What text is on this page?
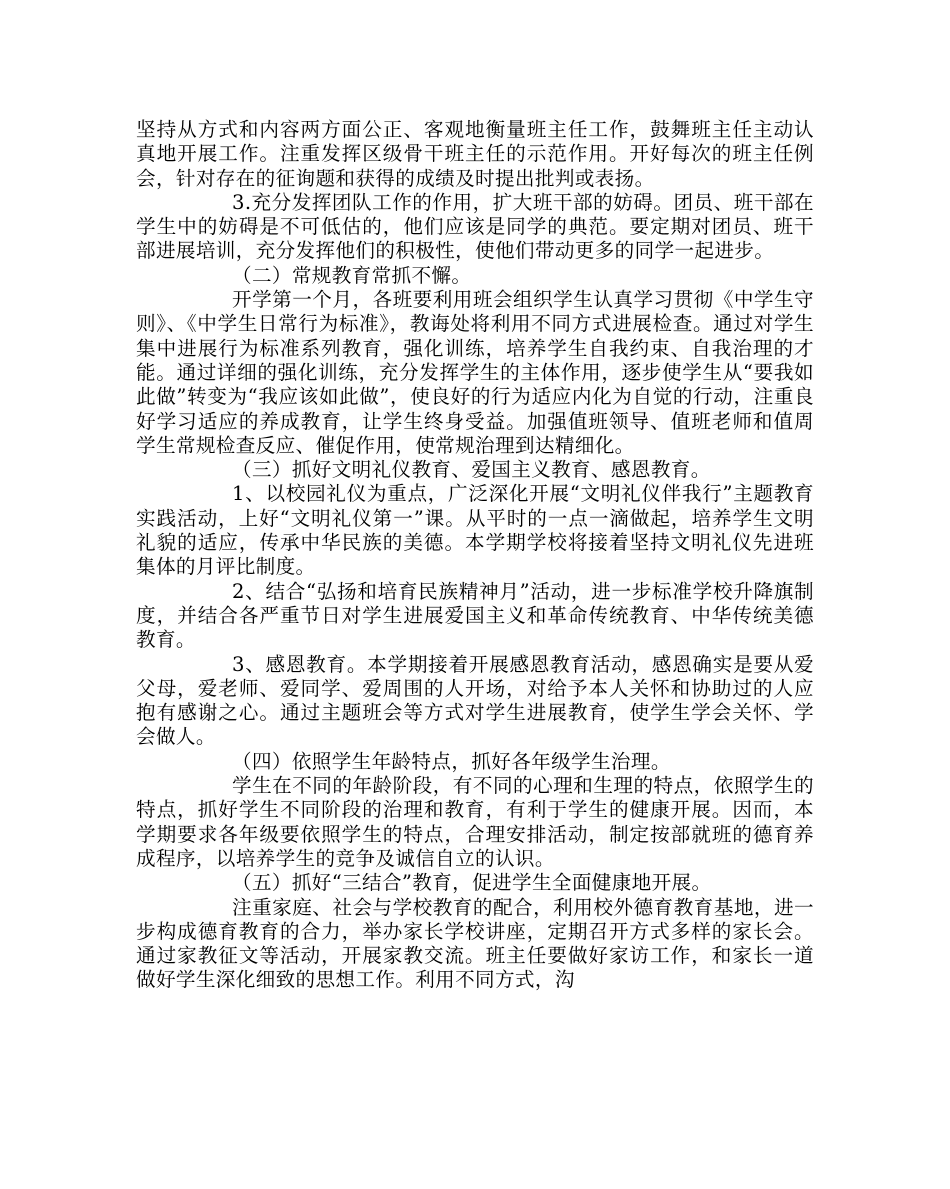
坚持从方式和内容两方面公正、客观地衡量班主任工作，鼓舞班主任主动认真地开展工作。注重发挥区级骨干班主任的示范作用。开好每次的班主任例会，针对存在的征询题和获得的成绩及时提出批判或表扬。

3.充分发挥团队工作的作用，扩大班干部的妨碍。团员、班干部在学生中的妨碍是不可低估的，他们应该是同学的典范。要定期对团员、班干部进展培训，充分发挥他们的积极性，使他们带动更多的同学一起进步。

（二）常规教育常抓不懈。

开学第一个月，各班要利用班会组织学生认真学习贯彻《中学生守则》、《中学生日常行为标准》，教诲处将利用不同方式进展检查。通过对学生集中进展行为标准系列教育，强化训练，培养学生自我约束、自我治理的才能。通过详细的强化训练，充分发挥学生的主体作用，逐步使学生从“要我如此做”转变为“我应该如此做”，使良好的行为适应内化为自觉的行动，注重良好学习适应的养成教育，让学生终身受益。加强值班领导、值班老师和值周学生常规检查反应、催促作用，使常规治理到达精细化。

（三）抓好文明礼仪教育、爱国主义教育、感恩教育。

1、以校园礼仪为重点，广泛深化开展“文明礼仪伴我行”主题教育实践活动，上好“文明礼仪第一”课。从平时的一点一滴做起，培养学生文明礼貌的适应，传承中华民族的美德。本学期学校将接着坚持文明礼仪先进班集体的月评比制度。

2、结合“弘扬和培育民族精神月”活动，进一步标准学校升降旗制度，并结合各严重节日对学生进展爱国主义和革命传统教育、中华传统美德教育。

3、感恩教育。本学期接着开展感恩教育活动，感恩确实是要从爱父母，爱老师、爱同学、爱周围的人开场，对给予本人关怀和协助过的人应抱有感谢之心。通过主题班会等方式对学生进展教育，使学生学会关怀、学会做人。

（四）依照学生年龄特点，抓好各年级学生治理。

学生在不同的年龄阶段，有不同的心理和生理的特点，依照学生的特点，抓好学生不同阶段的治理和教育，有利于学生的健康开展。因而，本学期要求各年级要依照学生的特点，合理安排活动，制定按部就班的德育养成程序，以培养学生的竞争及诚信自立的认识。

（五）抓好“三结合”教育，促进学生全面健康地开展。

注重家庭、社会与学校教育的配合，利用校外德育教育基地，进一步构成德育教育的合力，举办家长学校讲座，定期召开方式多样的家长会。通过家教征文等活动，开展家教交流。班主任要做好家访工作，和家长一道做好学生深化细致的思想工作。利用不同方式，沟
